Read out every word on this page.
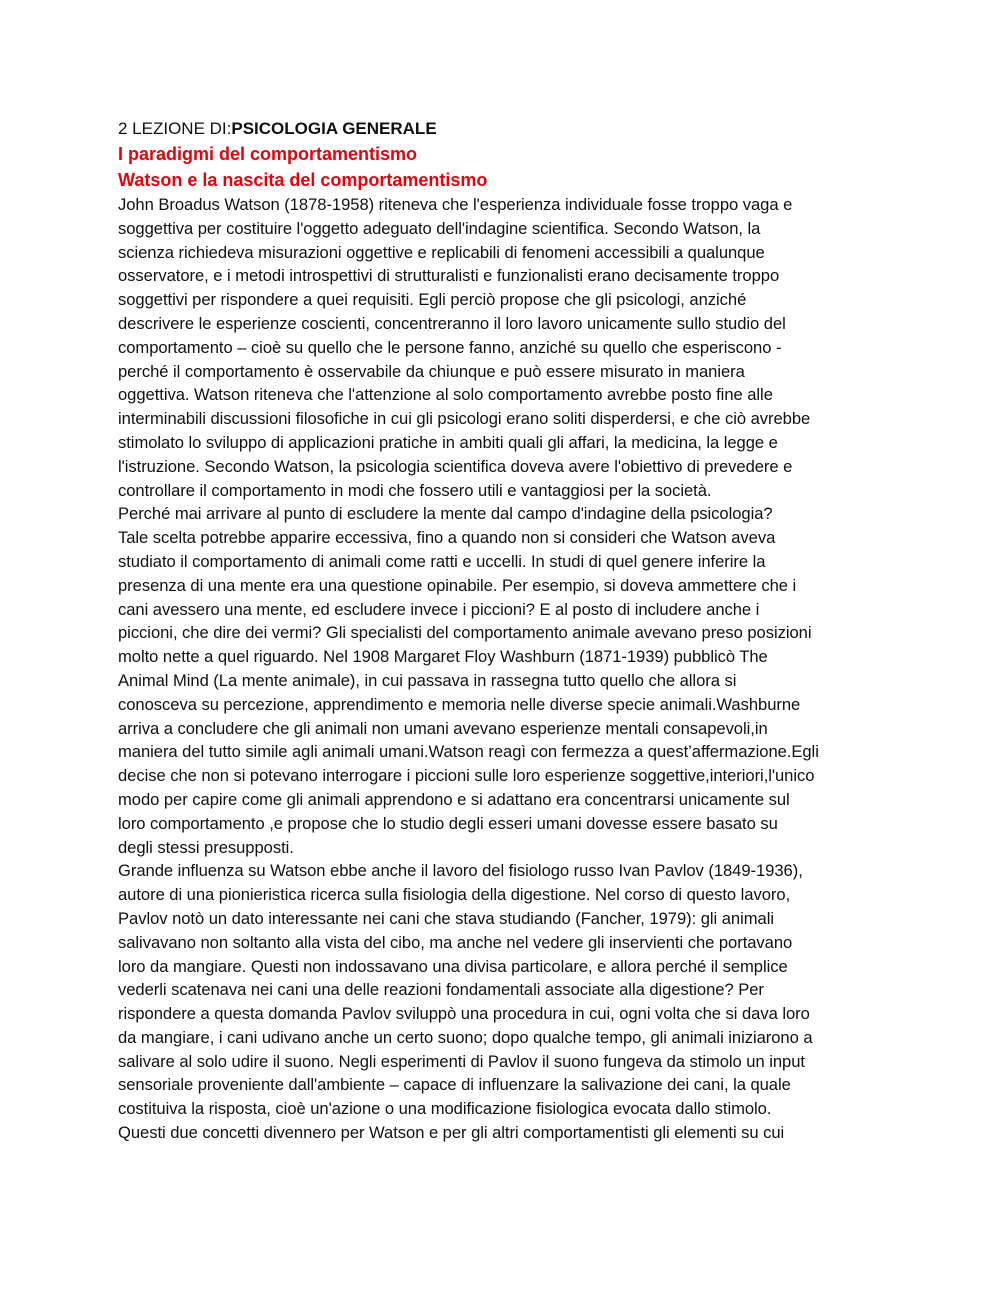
2 LEZIONE DI:PSICOLOGIA GENERALE

I paradigmi del comportamentismo
Watson e la nascita del comportamentismo

John Broadus Watson (1878-1958) riteneva che l'esperienza individuale fosse troppo vaga e
soggettiva per costituire l'oggetto adeguato dell'indagine scientifica. Secondo Watson, la
scienza richiedeva misurazioni oggettive e replicabili di fenomeni accessibili a qualunque
osservatore, e i metodi introspettivi di strutturalisti e funzionalisti erano decisamente troppo
soggettivi per rispondere a quei requisiti. Egli perciò propose che gli psicologi, anziché
descrivere le esperienze coscienti, concentreranno il loro lavoro unicamente sullo studio del
comportamento – cioè su quello che le persone fanno, anziché su quello che esperiscono -
perché il comportamento è osservabile da chiunque e può essere misurato in maniera
oggettiva. Watson riteneva che l'attenzione al solo comportamento avrebbe posto fine alle
interminabili discussioni filosofiche in cui gli psicologi erano soliti disperdersi, e che ciò avrebbe
stimolato lo sviluppo di applicazioni pratiche in ambiti quali gli affari, la medicina, la legge e
l'istruzione. Secondo Watson, la psicologia scientifica doveva avere l'obiettivo di prevedere e
controllare il comportamento in modi che fossero utili e vantaggiosi per la società.

Perché mai arrivare al punto di escludere la mente dal campo d'indagine della psicologia?
Tale scelta potrebbe apparire eccessiva, fino a quando non si consideri che Watson aveva
studiato il comportamento di animali come ratti e uccelli. In studi di quel genere inferire la
presenza di una mente era una questione opinabile. Per esempio, si doveva ammettere che i
cani avessero una mente, ed escludere invece i piccioni? E al posto di includere anche i
piccioni, che dire dei vermi? Gli specialisti del comportamento animale avevano preso posizioni
molto nette a quel riguardo. Nel 1908 Margaret Floy Washburn (1871-1939) pubblicò The
Animal Mind (La mente animale), in cui passava in rassegna tutto quello che allora si
conosceva su percezione, apprendimento e memoria nelle diverse specie animali.Washburne
arriva a concludere che gli animali non umani avevano esperienze mentali consapevoli,in
maniera del tutto simile agli animali umani.Watson reagì con fermezza a quest’affermazione.Egli
decise che non si potevano interrogare i piccioni sulle loro esperienze soggettive,interiori,l'unico
modo per capire come gli animali apprendono e si adattano era concentrarsi unicamente sul
loro comportamento ,e propose che lo studio degli esseri umani dovesse essere basato su
degli stessi presupposti.

Grande influenza su Watson ebbe anche il lavoro del fisiologo russo Ivan Pavlov (1849-1936),
autore di una pionieristica ricerca sulla fisiologia della digestione. Nel corso di questo lavoro,
Pavlov notò un dato interessante nei cani che stava studiando (Fancher, 1979): gli animali
salivavano non soltanto alla vista del cibo, ma anche nel vedere gli inservienti che portavano
loro da mangiare. Questi non indossavano una divisa particolare, e allora perché il semplice
vederli scatenava nei cani una delle reazioni fondamentali associate alla digestione? Per
rispondere a questa domanda Pavlov sviluppò una procedura in cui, ogni volta che si dava loro
da mangiare, i cani udivano anche un certo suono; dopo qualche tempo, gli animali iniziarono a
salivare al solo udire il suono. Negli esperimenti di Pavlov il suono fungeva da stimolo un input
sensoriale proveniente dall'ambiente – capace di influenzare la salivazione dei cani, la quale
costituiva la risposta, cioè un'azione o una modificazione fisiologica evocata dallo stimolo.
Questi due concetti divennero per Watson e per gli altri comportamentisti gli elementi su cui
